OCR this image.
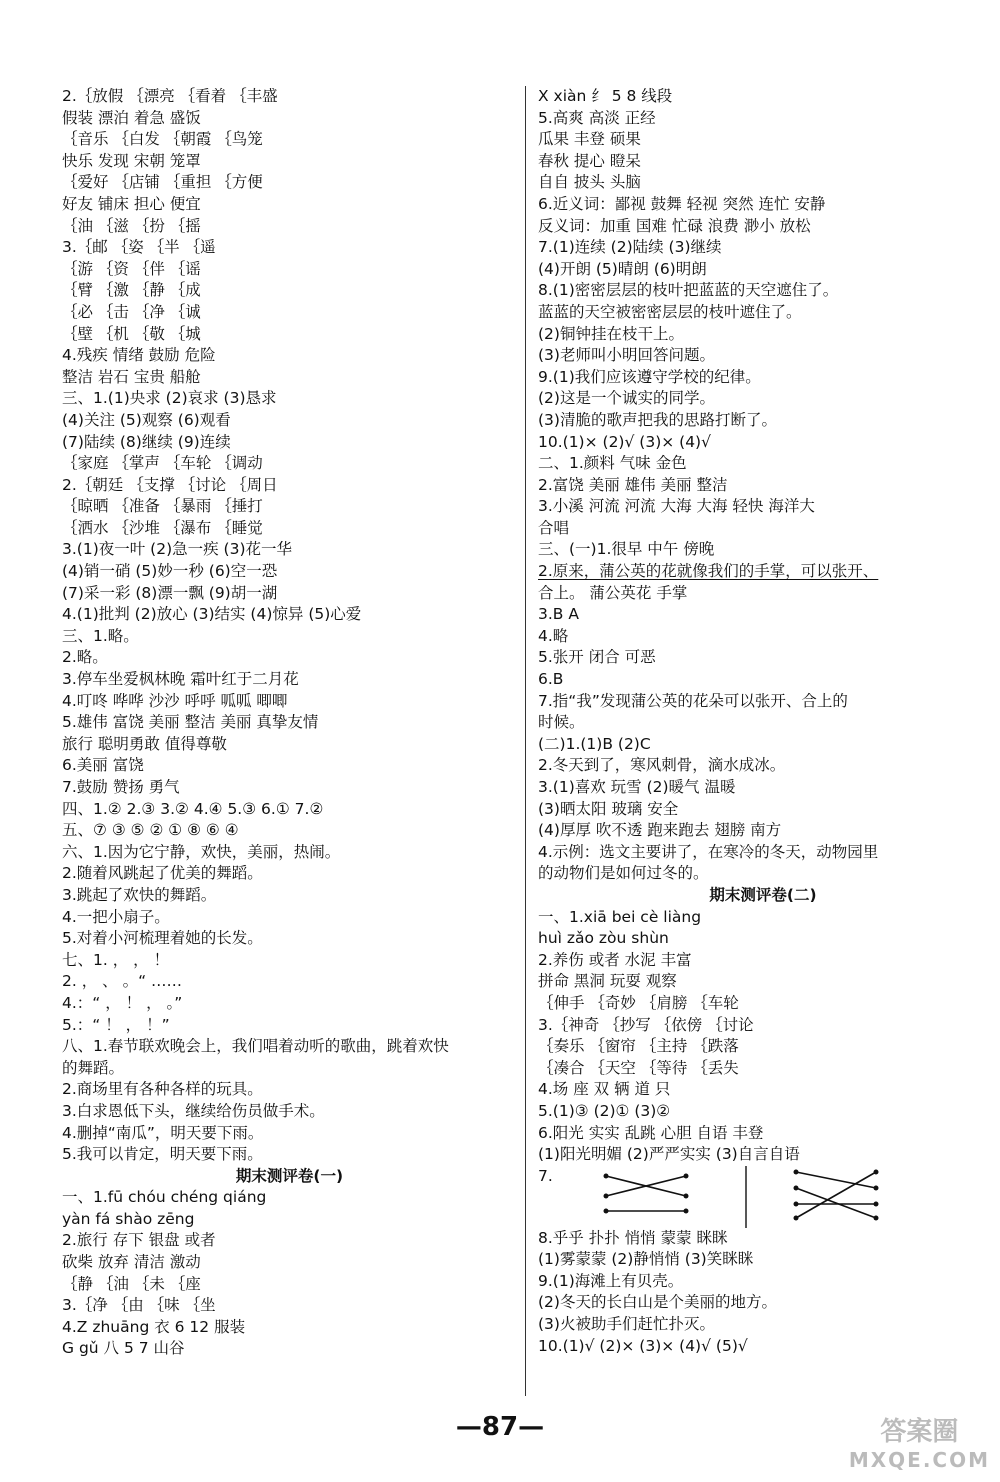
2.｛放假 ｛漂亮 ｛看着 ｛丰盛
假装 漂泊 着急 盛饭
｛音乐 ｛白发 ｛朝霞 ｛鸟笼
快乐 发现 宋朝 笼罩
｛爱好 ｛店铺 ｛重担 ｛方便
好友 铺床 担心 便宜
｛油 ｛滋 ｛扮 ｛摇
3.｛邮 ｛姿 ｛半 ｛遥
｛游 ｛资 ｛伴 ｛谣
｛臂 ｛激 ｛静 ｛成
｛必 ｛击 ｛净 ｛诚
｛壁 ｛机 ｛敬 ｛城
4.残疾 情绪 鼓励 危险
整洁 岩石 宝贵 船舱
三、1.(1)央求 (2)哀求 (3)恳求
(4)关注 (5)观察 (6)观看
(7)陆续 (8)继续 (9)连续
｛家庭 ｛掌声 ｛车轮 ｛调动
2.｛朝廷 ｛支撑 ｛讨论 ｛周日
｛晾晒 ｛准备 ｛暴雨 ｛捶打
｛洒水 ｛沙堆 ｛瀑布 ｛睡觉
3.(1)夜一叶 (2)急一疾 (3)花一华
(4)销一硝 (5)妙一秒 (6)空一恐
(7)采一彩 (8)漂一飘 (9)胡一湖
4.(1)批判 (2)放心 (3)结实 (4)惊异 (5)心爱
三、1.略。
2.略。
3.停车坐爱枫林晚 霜叶红于二月花
4.叮咚 哗哗 沙沙 呼呼 呱呱 唧唧
5.雄伟 富饶 美丽 整洁 美丽 真挚友情
旅行 聪明勇敢 值得尊敬
6.美丽 富饶
7.鼓励 赞扬 勇气
四、1.② 2.③ 3.② 4.④ 5.③ 6.① 7.②
五、⑦ ③ ⑤ ② ① ⑧ ⑥ ④
六、1.因为它宁静，欢快，美丽，热闹。
2.随着风跳起了优美的舞蹈。
3.跳起了欢快的舞蹈。
4.一把小扇子。
5.对着小河梳理着她的长发。
七、1. ， ， ！
2. ， 、 。“ ……
4.：“ ， ！ ， 。”
5.：“ ！ ， ！”
八、1.春节联欢晚会上，我们唱着动听的歌曲，跳着欢快
的舞蹈。
2.商场里有各种各样的玩具。
3.白求恩低下头，继续给伤员做手术。
4.删掉“南瓜”，明天要下雨。
5.我可以肯定，明天要下雨。
期末测评卷(一)
一、1.fū chóu chéng qiáng
yàn fá shào zēng
2.旅行 存下 银盘 或者
砍柴 放弃 清洁 激动
｛静 ｛油 ｛未 ｛座
3.｛净 ｛由 ｛味 ｛坐
4.Z zhuāng 衣 6 12 服装
G gǔ 八 5 7 山谷
X xiàn 纟 5 8 线段
5.高爽 高淡 正经
瓜果 丰登 硕果
春秋 提心 瞪呆
自自 披头 头脑
6.近义词：鄙视 鼓舞 轻视 突然 连忙 安静
反义词：加重 国难 忙碌 浪费 渺小 放松
7.(1)连续 (2)陆续 (3)继续
(4)开朗 (5)晴朗 (6)明朗
8.(1)密密层层的枝叶把蓝蓝的天空遮住了。
蓝蓝的天空被密密层层的枝叶遮住了。
(2)铜钟挂在枝干上。
(3)老师叫小明回答问题。
9.(1)我们应该遵守学校的纪律。
(2)这是一个诚实的同学。
(3)清脆的歌声把我的思路打断了。
10.(1)× (2)√ (3)× (4)√
二、1.颜料 气味 金色
2.富饶 美丽 雄伟 美丽 整洁
3.小溪 河流 河流 大海 大海 轻快 海洋大
合唱
三、(一)1.很早 中午 傍晚
2.原来，蒲公英的花就像我们的手掌，可以张开、
合上。 蒲公英花 手掌
3.B A
4.略
5.张开 闭合 可恶
6.B
7.指“我”发现蒲公英的花朵可以张开、合上的
时候。
(二)1.(1)B (2)C
2.冬天到了，寒风刺骨，滴水成冰。
3.(1)喜欢 玩雪 (2)暖气 温暖
(3)晒太阳 玻璃 安全
(4)厚厚 吹不透 跑来跑去 翅膀 南方
4.示例：选文主要讲了，在寒冷的冬天，动物园里
的动物们是如何过冬的。
期末测评卷(二)
一、1.xiā bei cè liàng
huì zǎo zòu shùn
2.养伤 或者 水泥 丰富
拼命 黑洞 玩耍 观察
｛伸手 ｛奇妙 ｛肩膀 ｛车轮
3.｛神奇 ｛抄写 ｛依傍 ｛讨论
｛奏乐 ｛窗帘 ｛主持 ｛跌落
｛凑合 ｛天空 ｛等待 ｛丢失
4.场 座 双 辆 道 只
5.(1)③ (2)① (3)②
6.阳光 实实 乱跳 心胆 自语 丰登
(1)阳光明媚 (2)严严实实 (3)自言自语
7.
8.乎乎 扑扑 悄悄 蒙蒙 眯眯
(1)雾蒙蒙 (2)静悄悄 (3)笑眯眯
9.(1)海滩上有贝壳。
(2)冬天的长白山是个美丽的地方。
(3)火被助手们赶忙扑灭。
10.(1)√ (2)× (3)× (4)√ (5)√
—87—	答案圈
MXQE.COM
